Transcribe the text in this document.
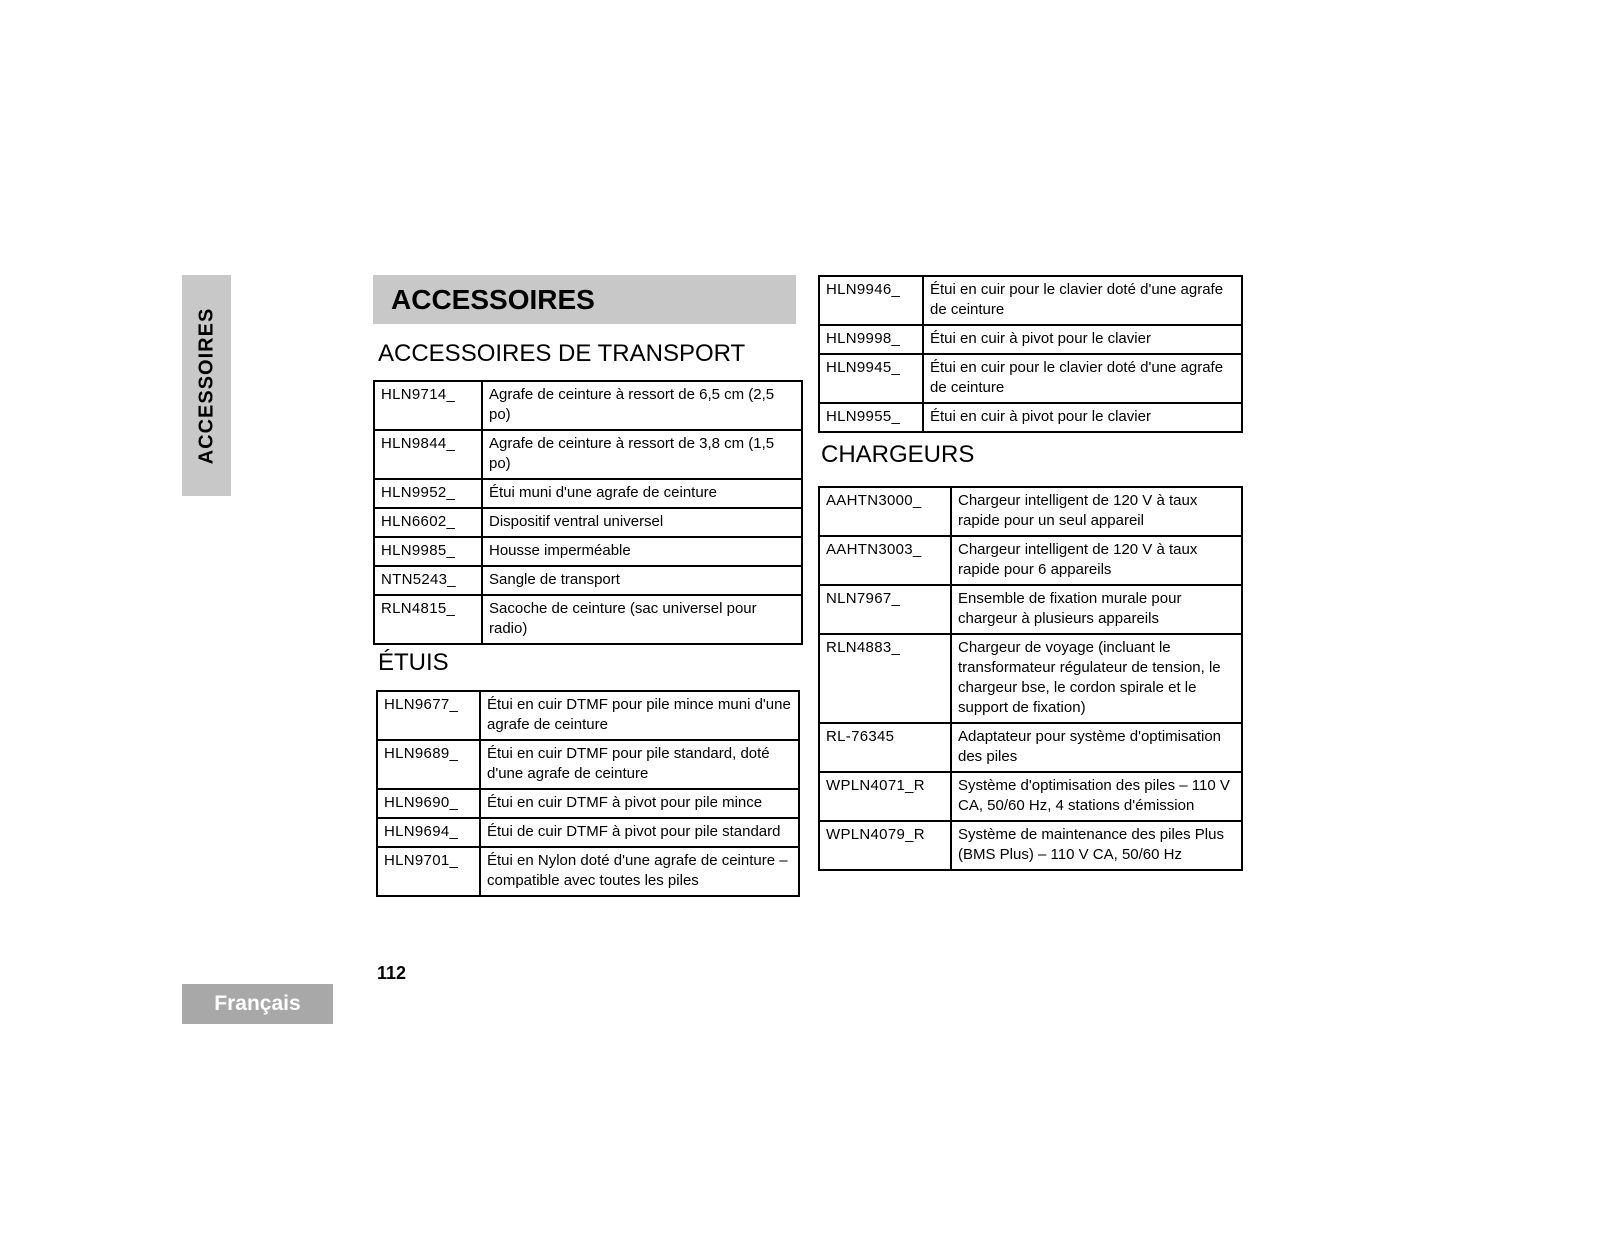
ACCESSOIRES
ACCESSOIRES
ACCESSOIRES DE TRANSPORT
HLN9714_	Agrafe de ceinture à ressort de 6,5 cm (2,5 po)
HLN9844_	Agrafe de ceinture à ressort de 3,8 cm (1,5 po)
HLN9952_	Étui muni d'une agrafe de ceinture
HLN6602_	Dispositif ventral universel
HLN9985_	Housse imperméable
NTN5243_	Sangle de transport
RLN4815_	Sacoche de ceinture (sac universel pour radio)
ÉTUIS
HLN9677_	Étui en cuir DTMF pour pile mince muni d'une agrafe de ceinture
HLN9689_	Étui en cuir DTMF pour pile standard, doté d'une agrafe de ceinture
HLN9690_	Étui en cuir DTMF à pivot pour pile mince
HLN9694_	Étui de cuir DTMF à pivot pour pile standard
HLN9701_	Étui en Nylon doté d'une agrafe de ceinture – compatible avec toutes les piles
HLN9946_	Étui en cuir pour le clavier doté d'une agrafe de ceinture
HLN9998_	Étui en cuir à pivot pour le clavier
HLN9945_	Étui en cuir pour le clavier doté d'une agrafe de ceinture
HLN9955_	Étui en cuir à pivot pour le clavier
CHARGEURS
AAHTN3000_	Chargeur intelligent de 120 V à taux rapide pour un seul appareil
AAHTN3003_	Chargeur intelligent de 120 V à taux rapide pour 6 appareils
NLN7967_	Ensemble de fixation murale pour chargeur à plusieurs appareils
RLN4883_	Chargeur de voyage (incluant le transformateur régulateur de tension, le chargeur bse, le cordon spirale et le support de fixation)
RL-76345	Adaptateur pour système d'optimisation des piles
WPLN4071_R	Système d'optimisation des piles – 110 V CA, 50/60 Hz, 4 stations d'émission
WPLN4079_R	Système de maintenance des piles Plus (BMS Plus) – 110 V CA, 50/60 Hz
112
Français
